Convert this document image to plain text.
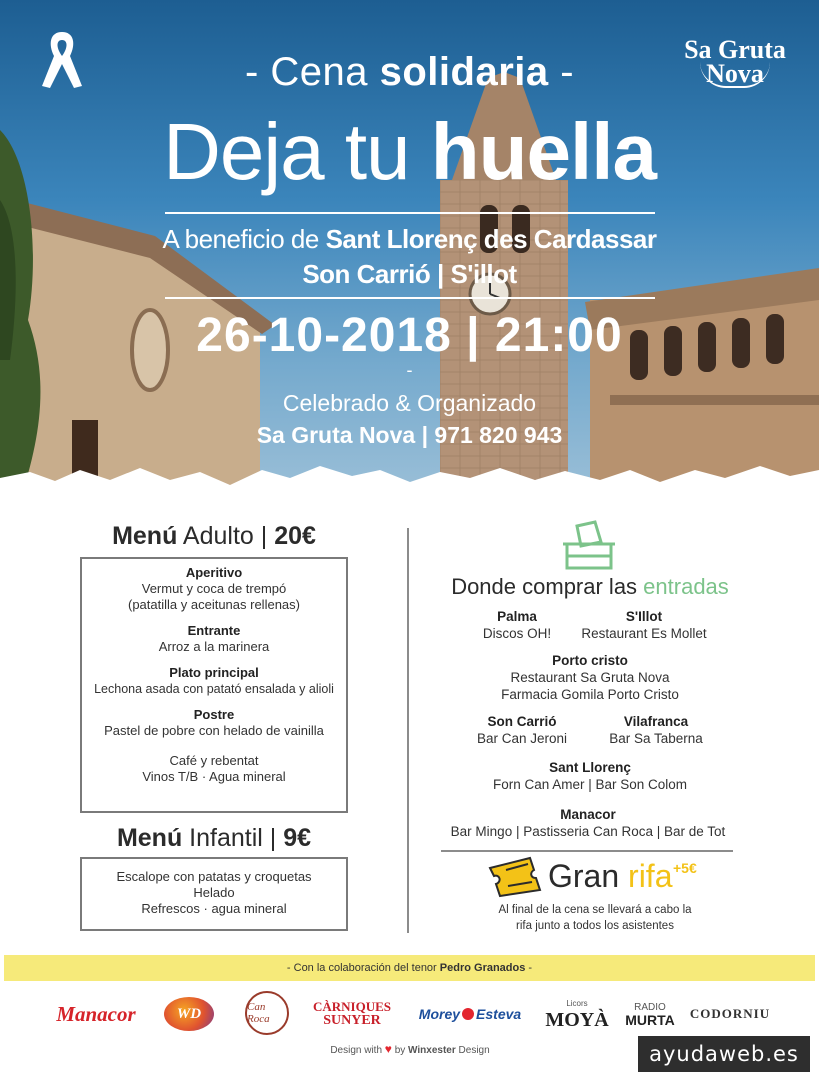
- Cena solidaria -
Deja tu huella
A beneficio de Sant Llorenç des Cardassar
Son Carrió | S'illot
26-10-2018 | 21:00
-
Celebrado & Organizado
Sa Gruta Nova | 971 820 943
Sa Gruta
Nova
Menú Adulto | 20€
Aperitivo
Vermut y coca de trempó
(patatilla y aceitunas rellenas)
Entrante
Arroz a la marinera
Plato principal
Lechona asada con patató ensalada y alioli
Postre
Pastel de pobre con helado de vainilla
Café y rebentat
Vinos T/B · Agua mineral
Menú Infantil | 9€
Escalope con patatas y croquetas
Helado
Refrescos · agua mineral
Donde comprar las entradas
Palma
Discos OH!
S'Illot
Restaurant Es Mollet
Porto cristo
Restaurant Sa Gruta Nova
Farmacia Gomila Porto Cristo
Son Carrió
Bar Can Jeroni
Vilafranca
Bar Sa Taberna
Sant Llorenç
Forn Can Amer | Bar Son Colom
Manacor
Bar Mingo | Pastisseria Can Roca | Bar de Tot
Gran rifa +5€
Al final de la cena se llevará a cabo la
rifa junto a todos los asistentes
- Con la colaboración del tenor Pedro Granados -
Manacor	WD	Can Roca
CÀRNIQUES
SUNYER	Morey Esteva
Licors
MOYÀ
RADIO
MURTA CODORNIU
Design with ♥ by Winxester Design	ayudaweb.es
